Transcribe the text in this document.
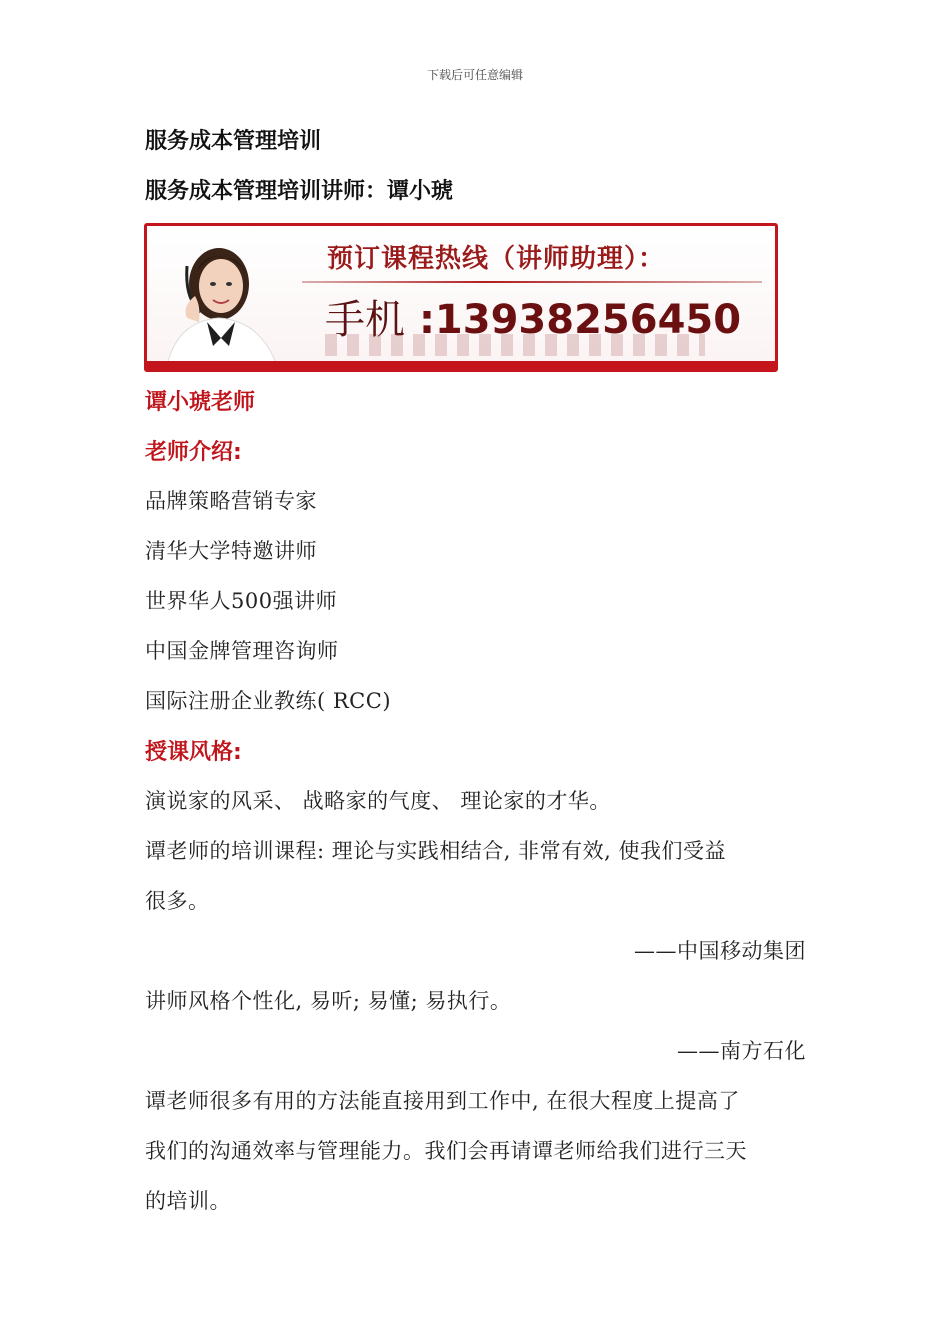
下载后可任意编辑
服务成本管理培训
服务成本管理培训讲师：谭小琥
预订课程热线（讲师助理）：
手机 :13938256450
谭小琥老师
老师介绍:
品牌策略营销专家
清华大学特邀讲师
世界华人500强讲师
中国金牌管理咨询师
国际注册企业教练( RCC)
授课风格:
演说家的风采、 战略家的气度、 理论家的才华。
谭老师的培训课程: 理论与实践相结合, 非常有效, 使我们受益
很多。
——中国移动集团
讲师风格个性化, 易听; 易懂; 易执行。
——南方石化
谭老师很多有用的方法能直接用到工作中, 在很大程度上提高了
我们的沟通效率与管理能力。我们会再请谭老师给我们进行三天
的培训。
